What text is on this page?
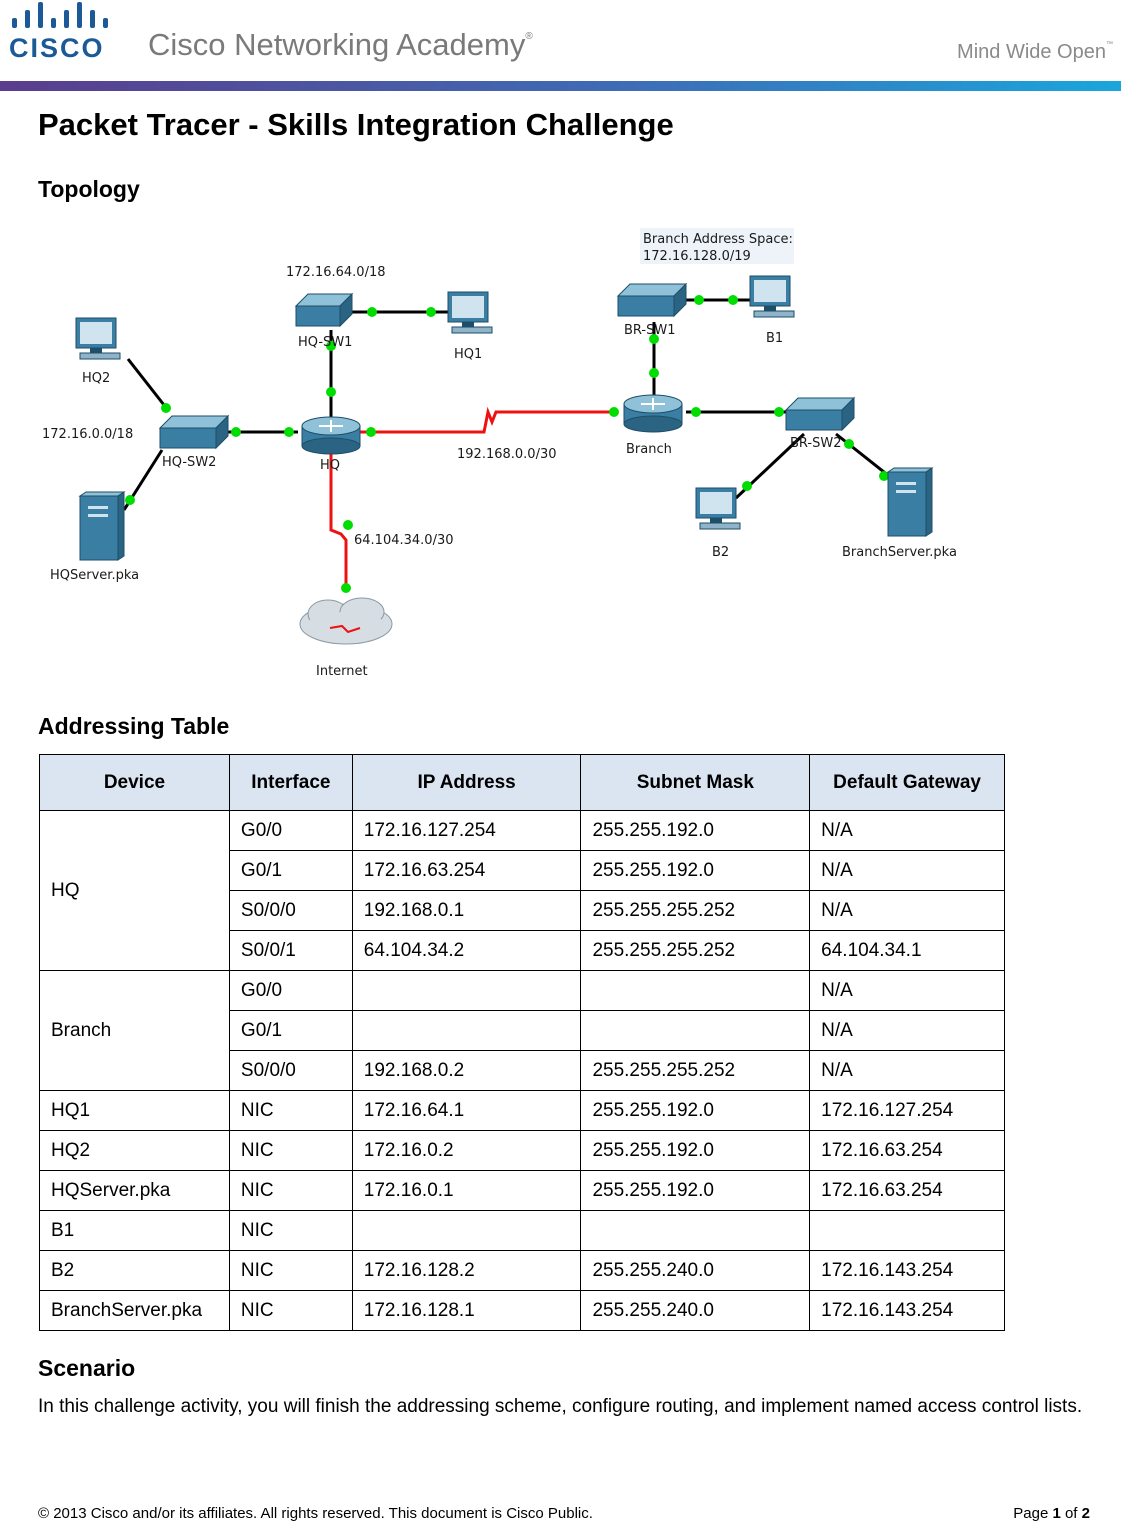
CISCO Cisco Networking Academy®
Mind Wide Open™
Packet Tracer - Skills Integration Challenge
Topology
Branch Address Space:
172.16.128.0/19
172.16.64.0/18
172.16.0.0/18
192.168.0.0/30
64.104.34.0/30
HQ2
HQ-SW1
HQ1
HQ-SW2	HQ
HQServer.pka
Internet
BR-SW1
B1
Branch	BR-SW2
B2	BranchServer.pka
Addressing Table
Device	Interface	IP Address	Subnet Mask	Default Gateway
HQ	G0/0	172.16.127.254	255.255.192.0	N/A
	G0/1	172.16.63.254	255.255.192.0	N/A
	S0/0/0	192.168.0.1	255.255.255.252	N/A
	S0/0/1	64.104.34.2	255.255.255.252	64.104.34.1
Branch	G0/0			N/A
	G0/1			N/A
	S0/0/0	192.168.0.2	255.255.255.252	N/A
HQ1	NIC	172.16.64.1	255.255.192.0	172.16.127.254
HQ2	NIC	172.16.0.2	255.255.192.0	172.16.63.254
HQServer.pka	NIC	172.16.0.1	255.255.192.0	172.16.63.254
B1	NIC			
B2	NIC	172.16.128.2	255.255.240.0	172.16.143.254
BranchServer.pka	NIC	172.16.128.1	255.255.240.0	172.16.143.254
Scenario

In this challenge activity, you will finish the addressing scheme, configure routing, and implement named access control lists.

© 2013 Cisco and/or its affiliates. All rights reserved. This document is Cisco Public.	Page 1 of 2
